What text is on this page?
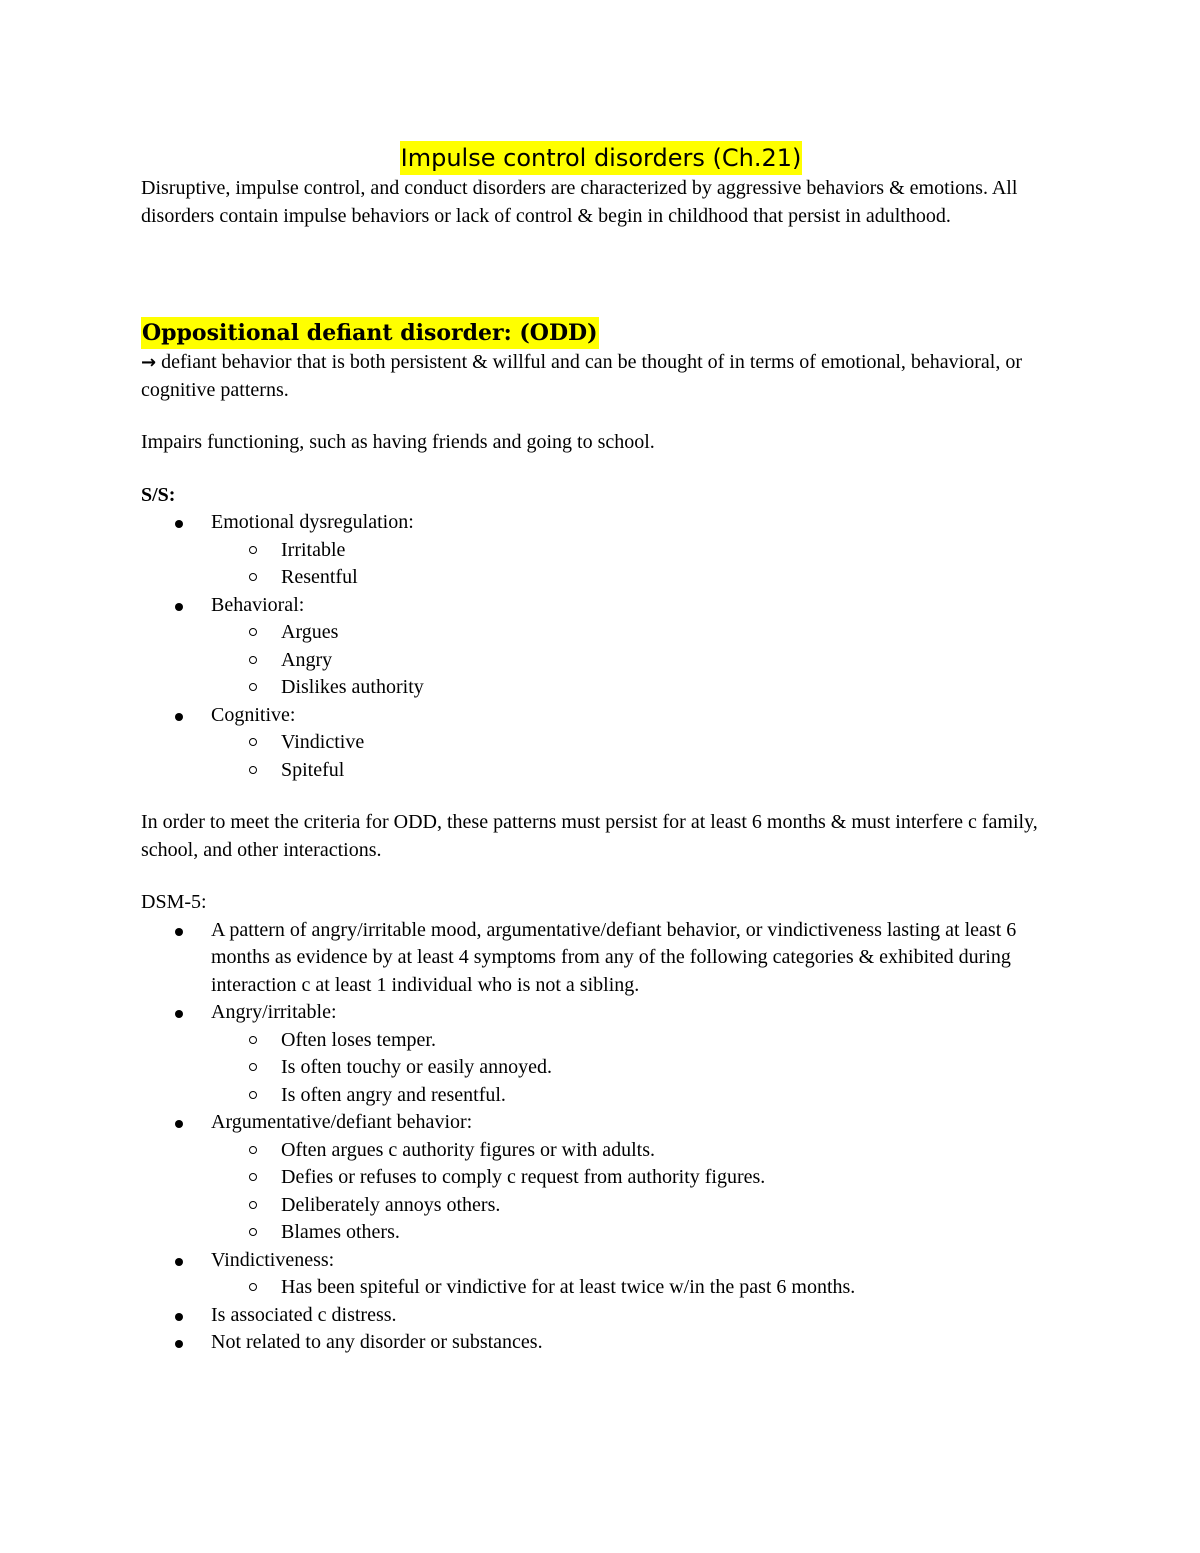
Impulse control disorders (Ch.21)

Disruptive, impulse control, and conduct disorders are characterized by aggressive behaviors & emotions. All disorders contain impulse behaviors or lack of control & begin in childhood that persist in adulthood.

Oppositional defiant disorder: (ODD)

→ defiant behavior that is both persistent & willful and can be thought of in terms of emotional, behavioral, or cognitive patterns.

Impairs functioning, such as having friends and going to school.

S/S:

Emotional dysregulation:
Irritable
Resentful
Behavioral:
Argues
Angry
Dislikes authority
Cognitive:
Vindictive
Spiteful

In order to meet the criteria for ODD, these patterns must persist for at least 6 months & must interfere c family, school, and other interactions.

DSM-5:

A pattern of angry/irritable mood, argumentative/defiant behavior, or vindictiveness lasting at least 6 months as evidence by at least 4 symptoms from any of the following categories & exhibited during interaction c at least 1 individual who is not a sibling.
Angry/irritable:
Often loses temper.
Is often touchy or easily annoyed.
Is often angry and resentful.
Argumentative/defiant behavior:
Often argues c authority figures or with adults.
Defies or refuses to comply c request from authority figures.
Deliberately annoys others.
Blames others.
Vindictiveness:
Has been spiteful or vindictive for at least twice w/in the past 6 months.
Is associated c distress.
Not related to any disorder or substances.
